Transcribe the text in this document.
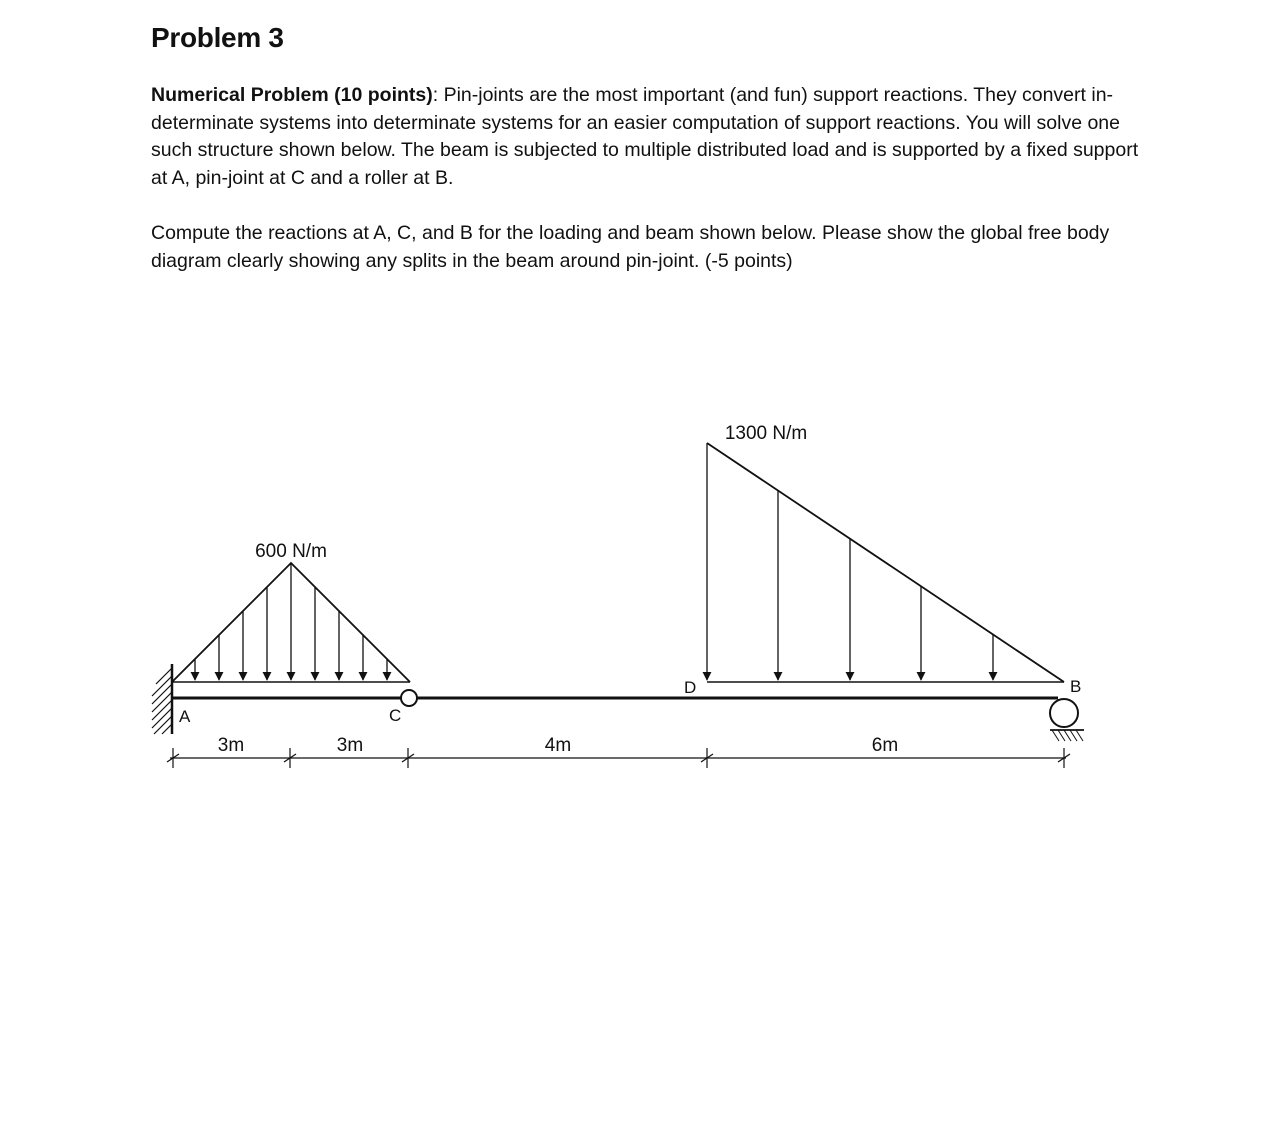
Problem 3

Numerical Problem (10 points): Pin-joints are the most important (and fun) support reactions. They convert in-determinate systems into determinate systems for an easier computation of support reactions. You will solve one such structure shown below. The beam is subjected to multiple distributed load and is supported by a fixed support at A, pin-joint at C and a roller at B.

Compute the reactions at A, C, and B for the loading and beam shown below. Please show the global free body diagram clearly showing any splits in the beam around pin-joint. (-5 points)

600 N/m
1300 N/m
A	C
D	B
3m	3m	4m	6m
